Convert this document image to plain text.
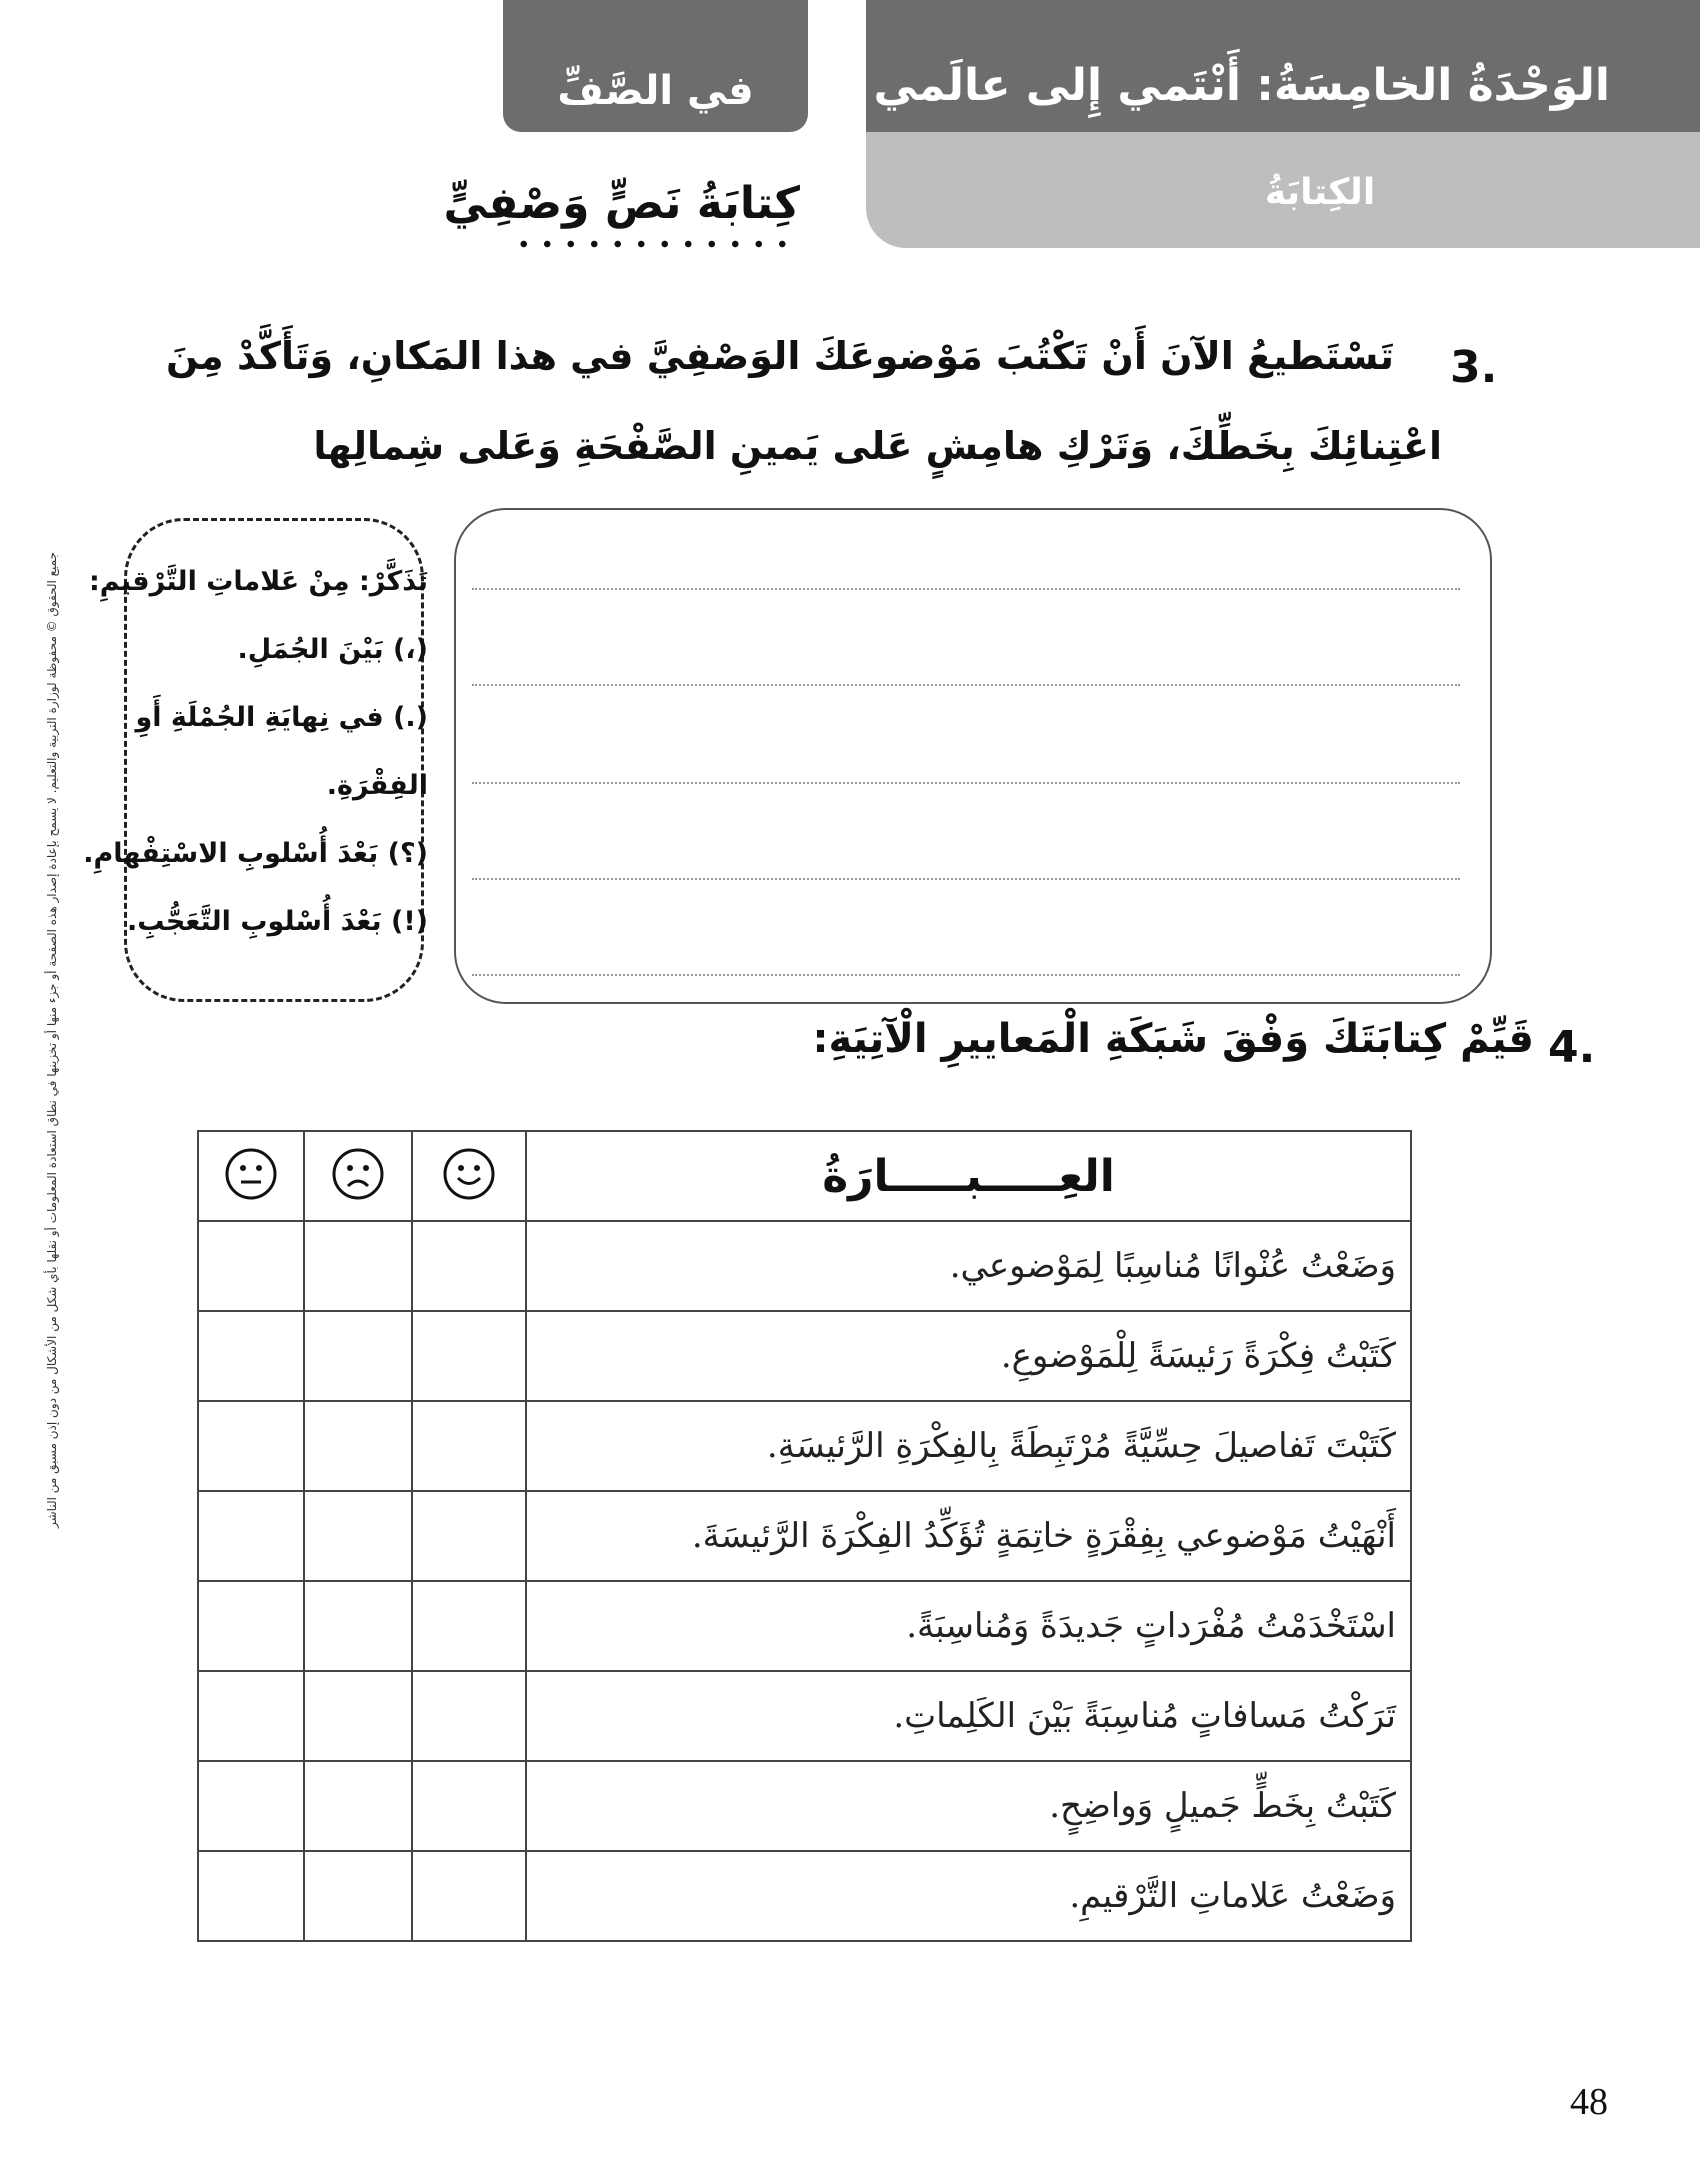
في الصَّفِّ	الوَحْدَةُ الخامِسَةُ: أَنْتَمي إِلى عالَمي
الكِتابَةُ
كِتابَةُ نَصٍّ وَصْفِيٍّ
3.
تَسْتَطيعُ الآنَ أَنْ تَكْتُبَ مَوْضوعَكَ الوَصْفِيَّ في هذا المَكانِ، وَتَأَكَّدْ مِنَ
اعْتِنائِكَ بِخَطِّكَ، وَتَرْكِ هامِشٍ عَلى يَمينِ الصَّفْحَةِ وَعَلى شِمالِها
تَذَكَّرْ: مِنْ عَلاماتِ التَّرْقيمِ:
(،) بَيْنَ الجُمَلِ.
(.) في نِهايَةِ الجُمْلَةِ أَوِ
الفِقْرَةِ.
(؟) بَعْدَ أُسْلوبِ الاسْتِفْهامِ.
(!) بَعْدَ أُسْلوبِ التَّعَجُّبِ.
جميع الحقوق © محفوظة لوزارة التربية والتعليم. لا يسمح بإعادة إصدار هذه الصفحة أو جزء منها أو تخزينها في نطاق استعادة المعلومات أو نقلها بأي شكل من الأشكال من دون إذن مسبق من الناشر	4.
قَيِّمْ كِتابَتَكَ وَفْقَ شَبَكَةِ الْمَعاييرِ الْآتِيَةِ:
			العِـــــبـــــارَةُ
			وَضَعْتُ عُنْوانًا مُناسِبًا لِمَوْضوعي.
			كَتَبْتُ فِكْرَةً رَئيسَةً لِلْمَوْضوعِ.
			كَتَبْتَ تَفاصيلَ حِسِّيَّةً مُرْتَبِطَةً بِالفِكْرَةِ الرَّئيسَةِ.
			أَنْهَيْتُ مَوْضوعي بِفِقْرَةٍ خاتِمَةٍ تُؤَكِّدُ الفِكْرَةَ الرَّئيسَةَ.
			اسْتَخْدَمْتُ مُفْرَداتٍ جَديدَةً وَمُناسِبَةً.
			تَرَكْتُ مَسافاتٍ مُناسِبَةً بَيْنَ الكَلِماتِ.
			كَتَبْتُ بِخَطٍّ جَميلٍ وَواضِحٍ.
			وَضَعْتُ عَلاماتِ التَّرْقيمِ.
48
